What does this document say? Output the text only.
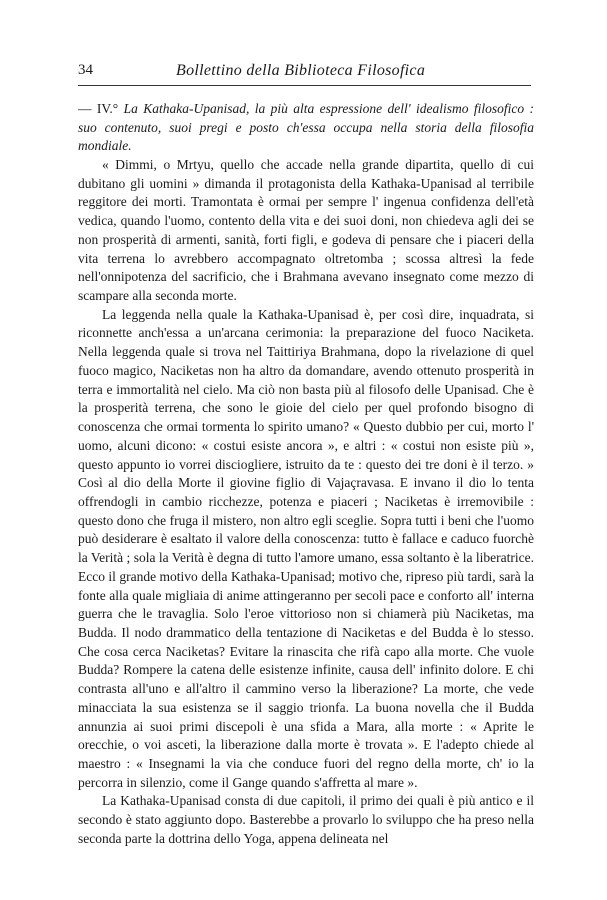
34	Bollettino della Biblioteca Filosofica
— IV.° La Kathaka-Upanisad, la più alta espressione dell' idealismo filosofico : suo contenuto, suoi pregi e posto ch'essa occupa nella storia della filosofia mondiale.

« Dimmi, o Mrtyu, quello che accade nella grande dipartita, quello di cui dubitano gli uomini » dimanda il protagonista della Kathaka-Upanisad al terribile reggitore dei morti. Tramontata è ormai per sempre l' ingenua confidenza dell'età vedica, quando l'uomo, contento della vita e dei suoi doni, non chiedeva agli dei se non prosperità di armenti, sanità, forti figli, e godeva di pensare che i piaceri della vita terrena lo avrebbero accompagnato oltretomba ; scossa altresì la fede nell'onnipotenza del sacrificio, che i Brahmana avevano insegnato come mezzo di scampare alla seconda morte.

La leggenda nella quale la Kathaka-Upanisad è, per così dire, inquadrata, si riconnette anch'essa a un'arcana cerimonia: la preparazione del fuoco Naciketa. Nella leggenda quale si trova nel Taittiriya Brahmana, dopo la rivelazione di quel fuoco magico, Naciketas non ha altro da domandare, avendo ottenuto prosperità in terra e immortalità nel cielo. Ma ciò non basta più al filosofo delle Upanisad. Che è la prosperità terrena, che sono le gioie del cielo per quel profondo bisogno di conoscenza che ormai tormenta lo spirito umano? « Questo dubbio per cui, morto l' uomo, alcuni dicono: « costui esiste ancora », e altri : « costui non esiste più », questo appunto io vorrei discioglierе, istruito da te : questo dei tre doni è il terzo. » Così al dio della Morte il giovine figlio di Vajaçravasa. E invano il dio lo tenta offrendogli in cambio ricchezze, potenza e piaceri ; Naciketas è irremovibile : questo dono che fruga il mistero, non altro egli sceglie. Sopra tutti i beni che l'uomo può desiderare è esaltato il valore della conoscenza: tutto è fallace e caduco fuorchè la Verità ; sola la Verità è degna di tutto l'amore umano, essa soltanto è la liberatrice. Ecco il grande motivo della Kathaka-Upanisad; motivo che, ripreso più tardi, sarà la fonte alla quale migliaia di anime attingeranno per secoli pace e conforto all' interna guerra che le travaglia. Solo l'eroe vittorioso non si chiamerà più Naciketas, ma Budda. Il nodo drammatico della tentazione di Naciketas e del Budda è lo stesso. Che cosa cerca Naciketas? Evitare la rinascita che rifà capo alla morte. Che vuole Budda? Rompere la catena delle esistenze infinite, causa dell' infinito dolore. E chi contrasta all'uno e all'altro il cammino verso la liberazione? La morte, che vede minacciata la sua esistenza se il saggio trionfa. La buona novella che il Budda annunzia ai suoi primi discepoli è una sfida a Mara, alla morte : « Aprite le orecchie, o voi asceti, la liberazione dalla morte è trovata ». E l'adepto chiede al maestro : « Insegnami la via che conduce fuori del regno della morte, ch' io la percorra in silenzio, come il Gange quando s'affretta al mare ».

La Kathaka-Upanisad consta di due capitoli, il primo dei quali è più antico e il secondo è stato aggiunto dopo. Basterebbe a provarlo lo sviluppo che ha preso nella seconda parte la dottrina dello Yoga, appena delineata nel
